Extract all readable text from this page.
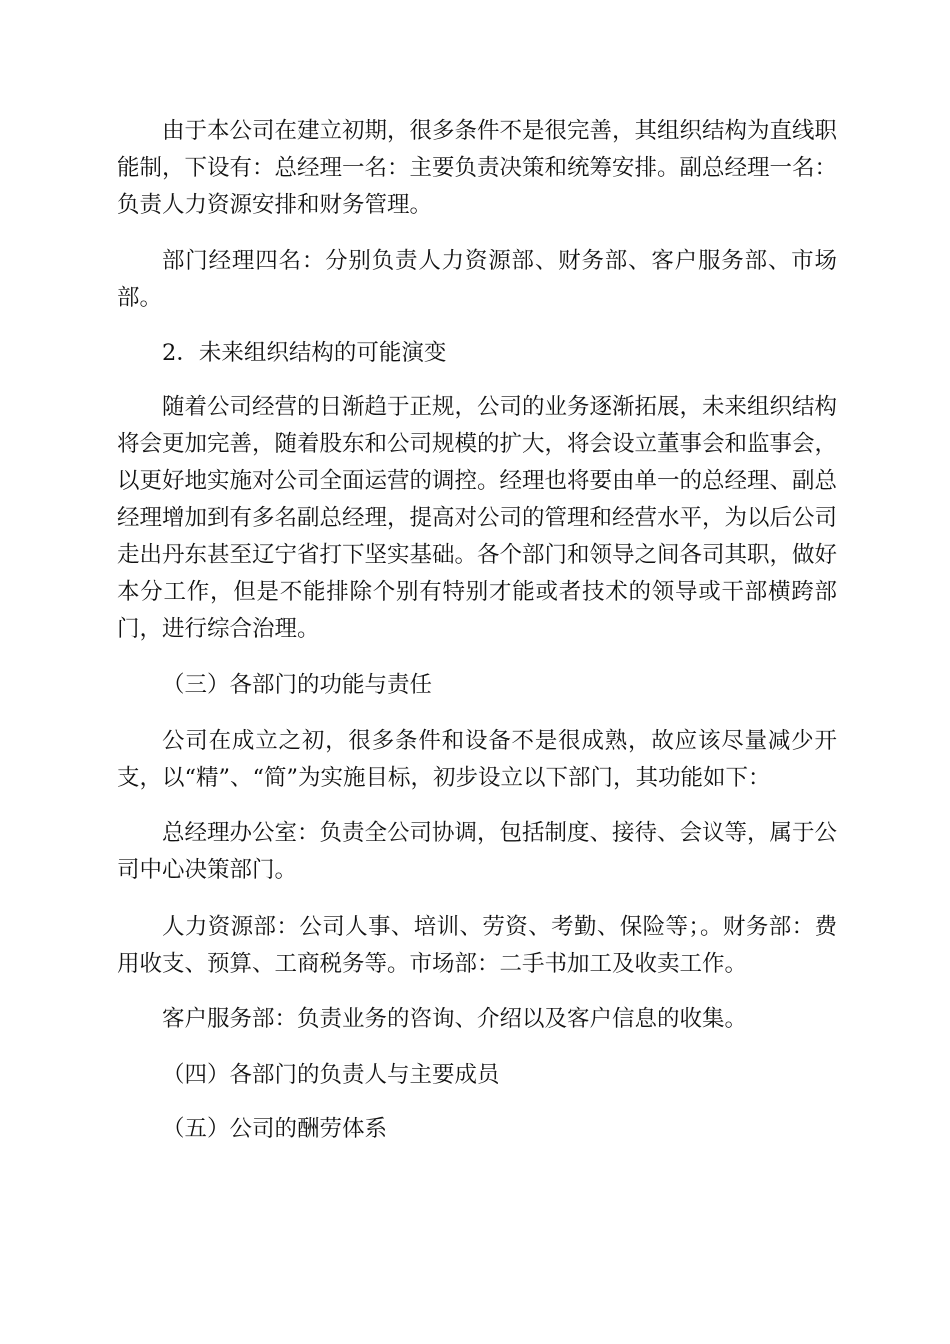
由于本公司在建立初期，很多条件不是很完善，其组织结构为直线职能制，下设有：总经理一名：主要负责决策和统筹安排。副总经理一名：负责人力资源安排和财务管理。

部门经理四名：分别负责人力资源部、财务部、客户服务部、市场部。

2．未来组织结构的可能演变

随着公司经营的日渐趋于正规，公司的业务逐渐拓展，未来组织结构将会更加完善，随着股东和公司规模的扩大，将会设立董事会和监事会，以更好地实施对公司全面运营的调控。经理也将要由单一的总经理、副总经理增加到有多名副总经理，提高对公司的管理和经营水平，为以后公司走出丹东甚至辽宁省打下坚实基础。各个部门和领导之间各司其职，做好本分工作，但是不能排除个别有特别才能或者技术的领导或干部横跨部门，进行综合治理。

（三）各部门的功能与责任

公司在成立之初，很多条件和设备不是很成熟，故应该尽量减少开支，以“精”、“简”为实施目标，初步设立以下部门，其功能如下：

总经理办公室：负责全公司协调，包括制度、接待、会议等，属于公司中心决策部门。

人力资源部：公司人事、培训、劳资、考勤、保险等；。财务部：费用收支、预算、工商税务等。市场部：二手书加工及收卖工作。

客户服务部：负责业务的咨询、介绍以及客户信息的收集。

（四）各部门的负责人与主要成员

（五）公司的酬劳体系
